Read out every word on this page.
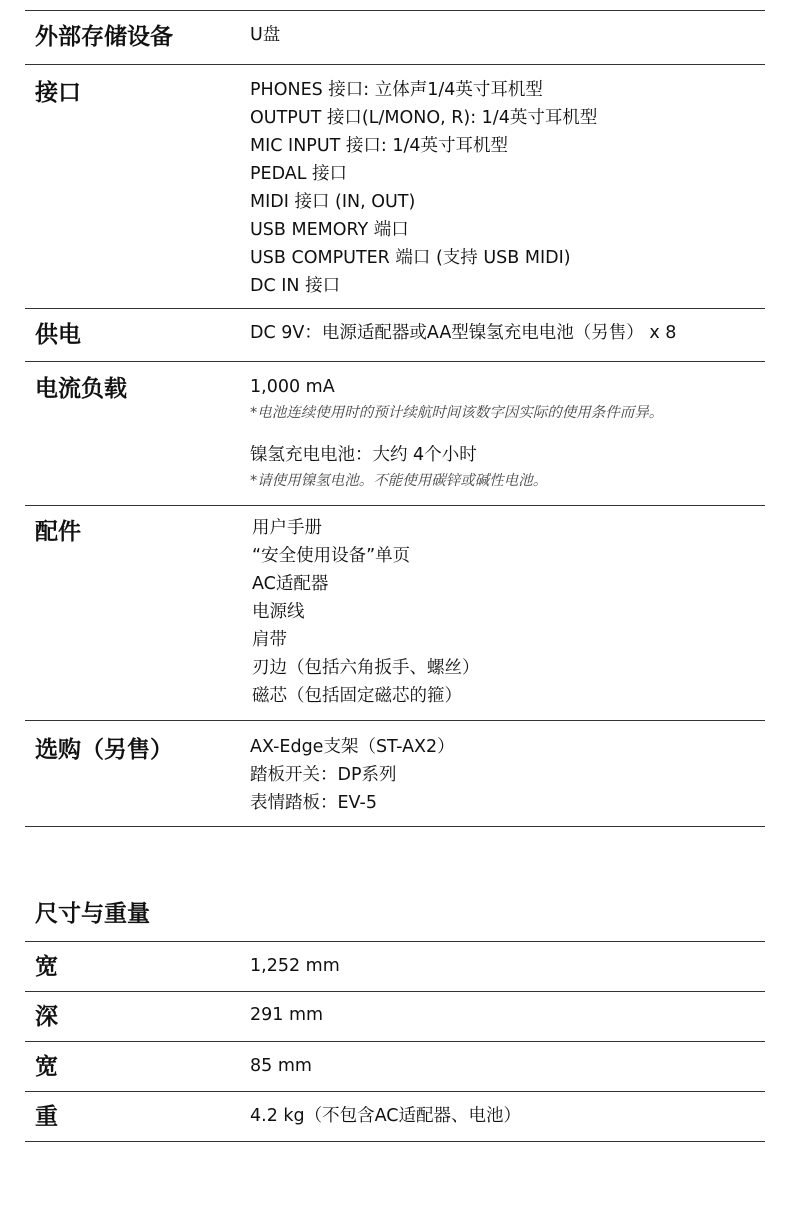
外部存储设备	U盘
接口	PHONES 接口: 立体声1/4英寸耳机型
OUTPUT 接口(L/MONO, R): 1/4英寸耳机型
MIC INPUT 接口: 1/4英寸耳机型
PEDAL 接口
MIDI 接口 (IN, OUT)
USB MEMORY 端口
USB COMPUTER 端口 (支持 USB MIDI)
DC IN 接口
供电	DC 9V：电源适配器或AA型镍氢充电电池（另售） x 8
电流负载	1,000 mA
*电池连续使用时的预计续航时间该数字因实际的使用条件而异。
镍氢充电电池：大约 4个小时
*请使用镍氢电池。不能使用碳锌或碱性电池。
配件	用户手册
“安全使用设备”单页
AC适配器
电源线
肩带
刃边（包括六角扳手、螺丝）
磁芯（包括固定磁芯的箍）
选购（另售）	AX-Edge支架（ST-AX2）
踏板开关：DP系列
表情踏板：EV-5
尺寸与重量
宽	1,252 mm
深	291 mm
宽	85 mm
重	4.2 kg（不包含AC适配器、电池）
